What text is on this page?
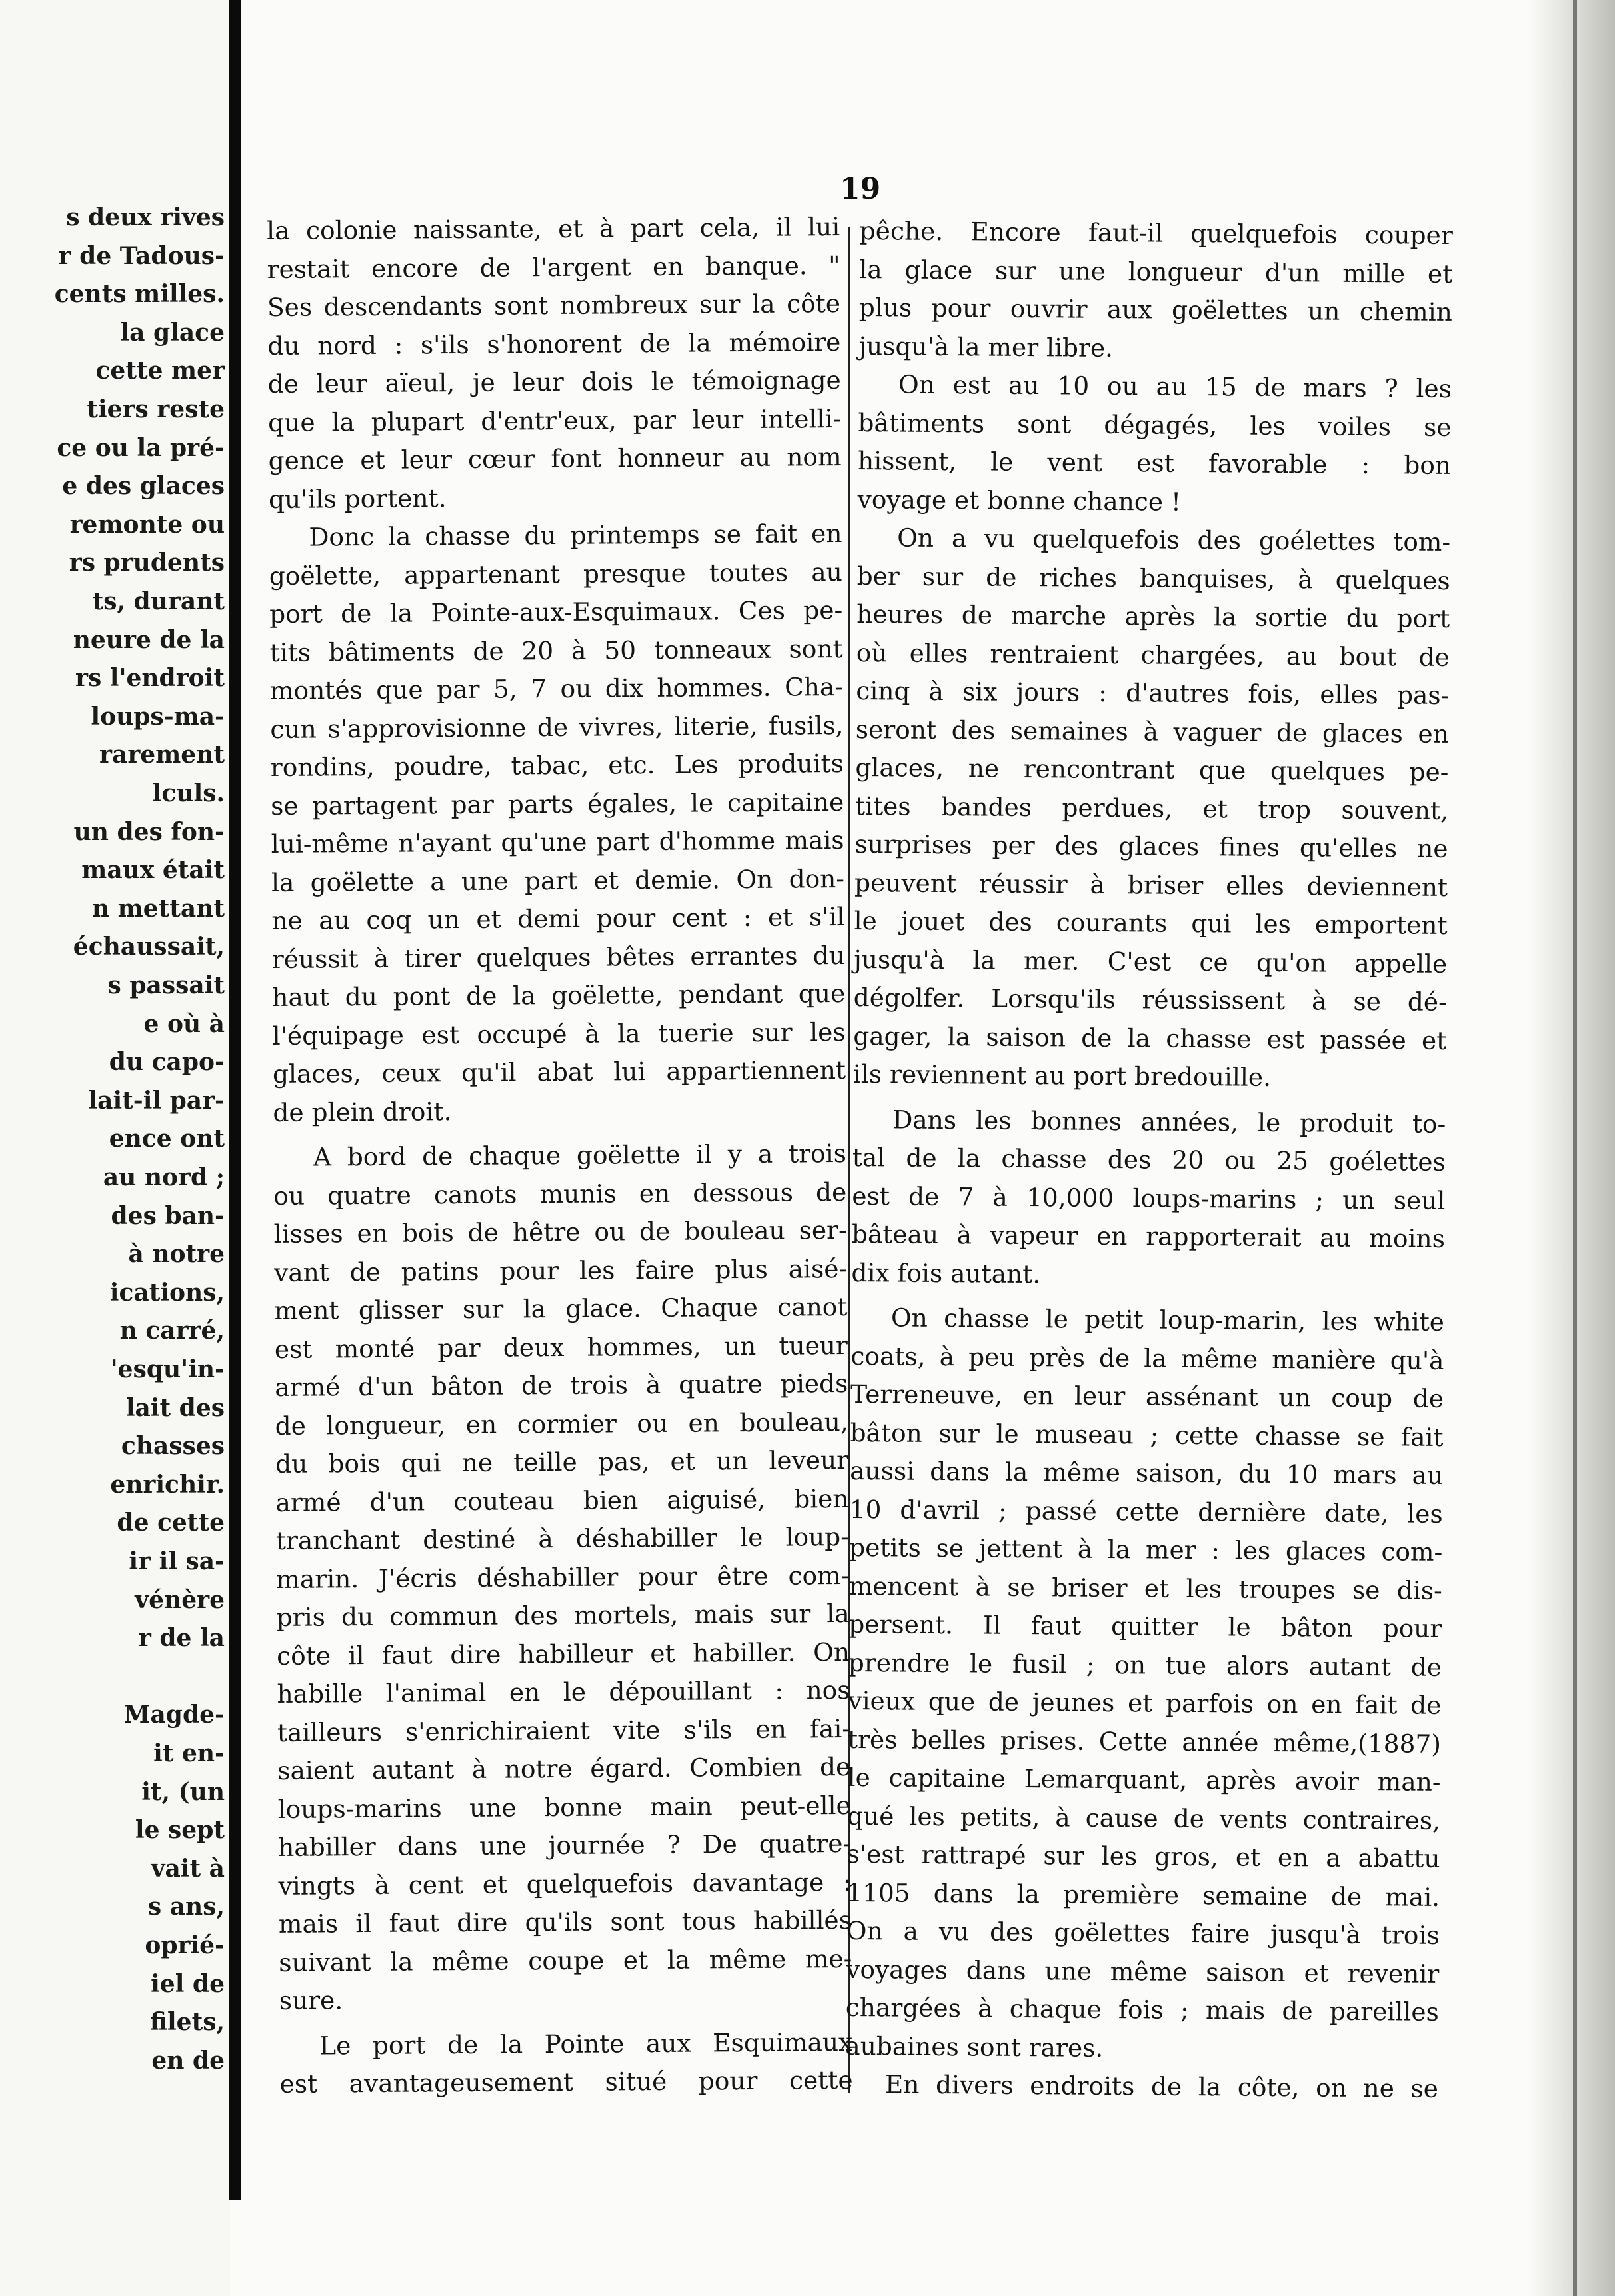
s deux rives
r de Tadous-
cents milles.
la glace
cette mer
tiers reste
ce ou la pré-
e des glaces
remonte ou
rs prudents
ts, durant
neure de la
rs l'endroit
loups-ma-
rarement
lculs.
un des fon-
maux était
n mettant
échaussait,
s passait
e où à
du capo-
lait-il par-
ence ont
au nord ;
des ban-
à notre
ications,
n carré,
'esqu'in-
lait des
chasses
enrichir.
de cette
ir il sa-
vénère
r de la
Magde-
it en-
it, (un
le sept
vait à
s ans,
oprié-
iel de
filets,
en de
19
la colonie naissante, et à part cela, il lui
restait encore de l'argent en banque. "
Ses descendants sont nombreux sur la côte
du nord : s'ils s'honorent de la mémoire
de leur aïeul, je leur dois le témoignage
que la plupart d'entr'eux, par leur intelli-
gence et leur cœur font honneur au nom
qu'ils portent.
Donc la chasse du printemps se fait en
goëlette, appartenant presque toutes au
port de la Pointe-aux-Esquimaux. Ces pe-
tits bâtiments de 20 à 50 tonneaux sont
montés que par 5, 7 ou dix hommes. Cha-
cun s'approvisionne de vivres, literie, fusils,
rondins, poudre, tabac, etc. Les produits
se partagent par parts égales, le capitaine
lui-même n'ayant qu'une part d'homme mais
la goëlette a une part et demie. On don-
ne au coq un et demi pour cent : et s'il
réussit à tirer quelques bêtes errantes du
haut du pont de la goëlette, pendant que
l'équipage est occupé à la tuerie sur les
glaces, ceux qu'il abat lui appartiennent
de plein droit.
A bord de chaque goëlette il y a trois
ou quatre canots munis en dessous de
lisses en bois de hêtre ou de bouleau ser-
vant de patins pour les faire plus aisé-
ment glisser sur la glace. Chaque canot
est monté par deux hommes, un tueur
armé d'un bâton de trois à quatre pieds
de longueur, en cormier ou en bouleau,
du bois qui ne teille pas, et un leveur
armé d'un couteau bien aiguisé, bien
tranchant destiné à déshabiller le loup-
marin. J'écris déshabiller pour être com-
pris du commun des mortels, mais sur la
côte il faut dire habilleur et habiller. On
habille l'animal en le dépouillant : nos
tailleurs s'enrichiraient vite s'ils en fai-
saient autant à notre égard. Combien de
loups-marins une bonne main peut-elle
habiller dans une journée ? De quatre-
vingts à cent et quelquefois davantage :
mais il faut dire qu'ils sont tous habillés
suivant la même coupe et la même me-
sure.
Le port de la Pointe aux Esquimaux
est avantageusement situé pour cette
pêche. Encore faut-il quelquefois couper
la glace sur une longueur d'un mille et
plus pour ouvrir aux goëlettes un chemin
jusqu'à la mer libre.
On est au 10 ou au 15 de mars ? les
bâtiments sont dégagés, les voiles se
hissent, le vent est favorable : bon
voyage et bonne chance !
On a vu quelquefois des goélettes tom-
ber sur de riches banquises, à quelques
heures de marche après la sortie du port
où elles rentraient chargées, au bout de
cinq à six jours : d'autres fois, elles pas-
seront des semaines à vaguer de glaces en
glaces, ne rencontrant que quelques pe-
tites bandes perdues, et trop souvent,
surprises per des glaces fines qu'elles ne
peuvent réussir à briser elles deviennent
le jouet des courants qui les emportent
jusqu'à la mer. C'est ce qu'on appelle
dégolfer. Lorsqu'ils réussissent à se dé-
gager, la saison de la chasse est passée et
ils reviennent au port bredouille.
Dans les bonnes années, le produit to-
tal de la chasse des 20 ou 25 goélettes
est de 7 à 10,000 loups-marins ; un seul
bâteau à vapeur en rapporterait au moins
dix fois autant.
On chasse le petit loup-marin, les white
coats, à peu près de la même manière qu'à
Terreneuve, en leur assénant un coup de
bâton sur le museau ; cette chasse se fait
aussi dans la même saison, du 10 mars au
10 d'avril ; passé cette dernière date, les
petits se jettent à la mer : les glaces com-
mencent à se briser et les troupes se dis-
persent. Il faut quitter le bâton pour
prendre le fusil ; on tue alors autant de
vieux que de jeunes et parfois on en fait de
très belles prises. Cette année même,(1887)
le capitaine Lemarquant, après avoir man-
qué les petits, à cause de vents contraires,
s'est rattrapé sur les gros, et en a abattu
1105 dans la première semaine de mai.
On a vu des goëlettes faire jusqu'à trois
voyages dans une même saison et revenir
chargées à chaque fois ; mais de pareilles
aubaines sont rares.
En divers endroits de la côte, on ne se
